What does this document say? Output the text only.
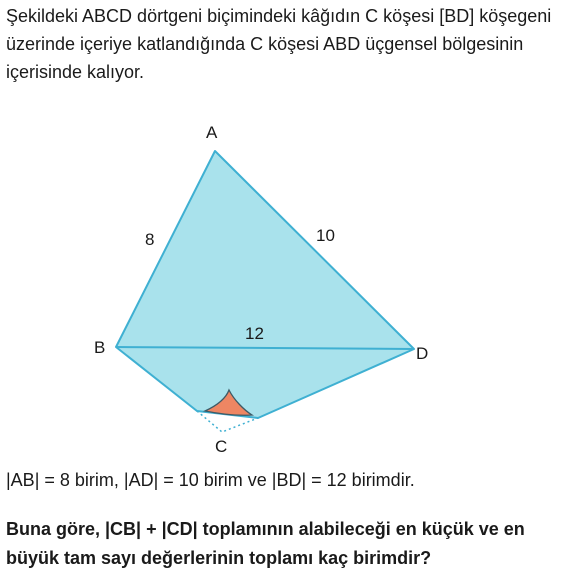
Şekildeki ABCD dörtgeni biçimindeki kâğıdın C köşesi [BD] köşegeni üzerinde içeriye katlandığında C köşesi ABD üçgensel bölgesinin içerisinde kalıyor.
A
B
C
D
8	10
12
|AB| = 8 birim, |AD| = 10 birim ve |BD| = 12 birimdir.
Buna göre, |CB| + |CD| toplamının alabileceği en küçük ve en büyük tam sayı değerlerinin toplamı kaç birimdir?
